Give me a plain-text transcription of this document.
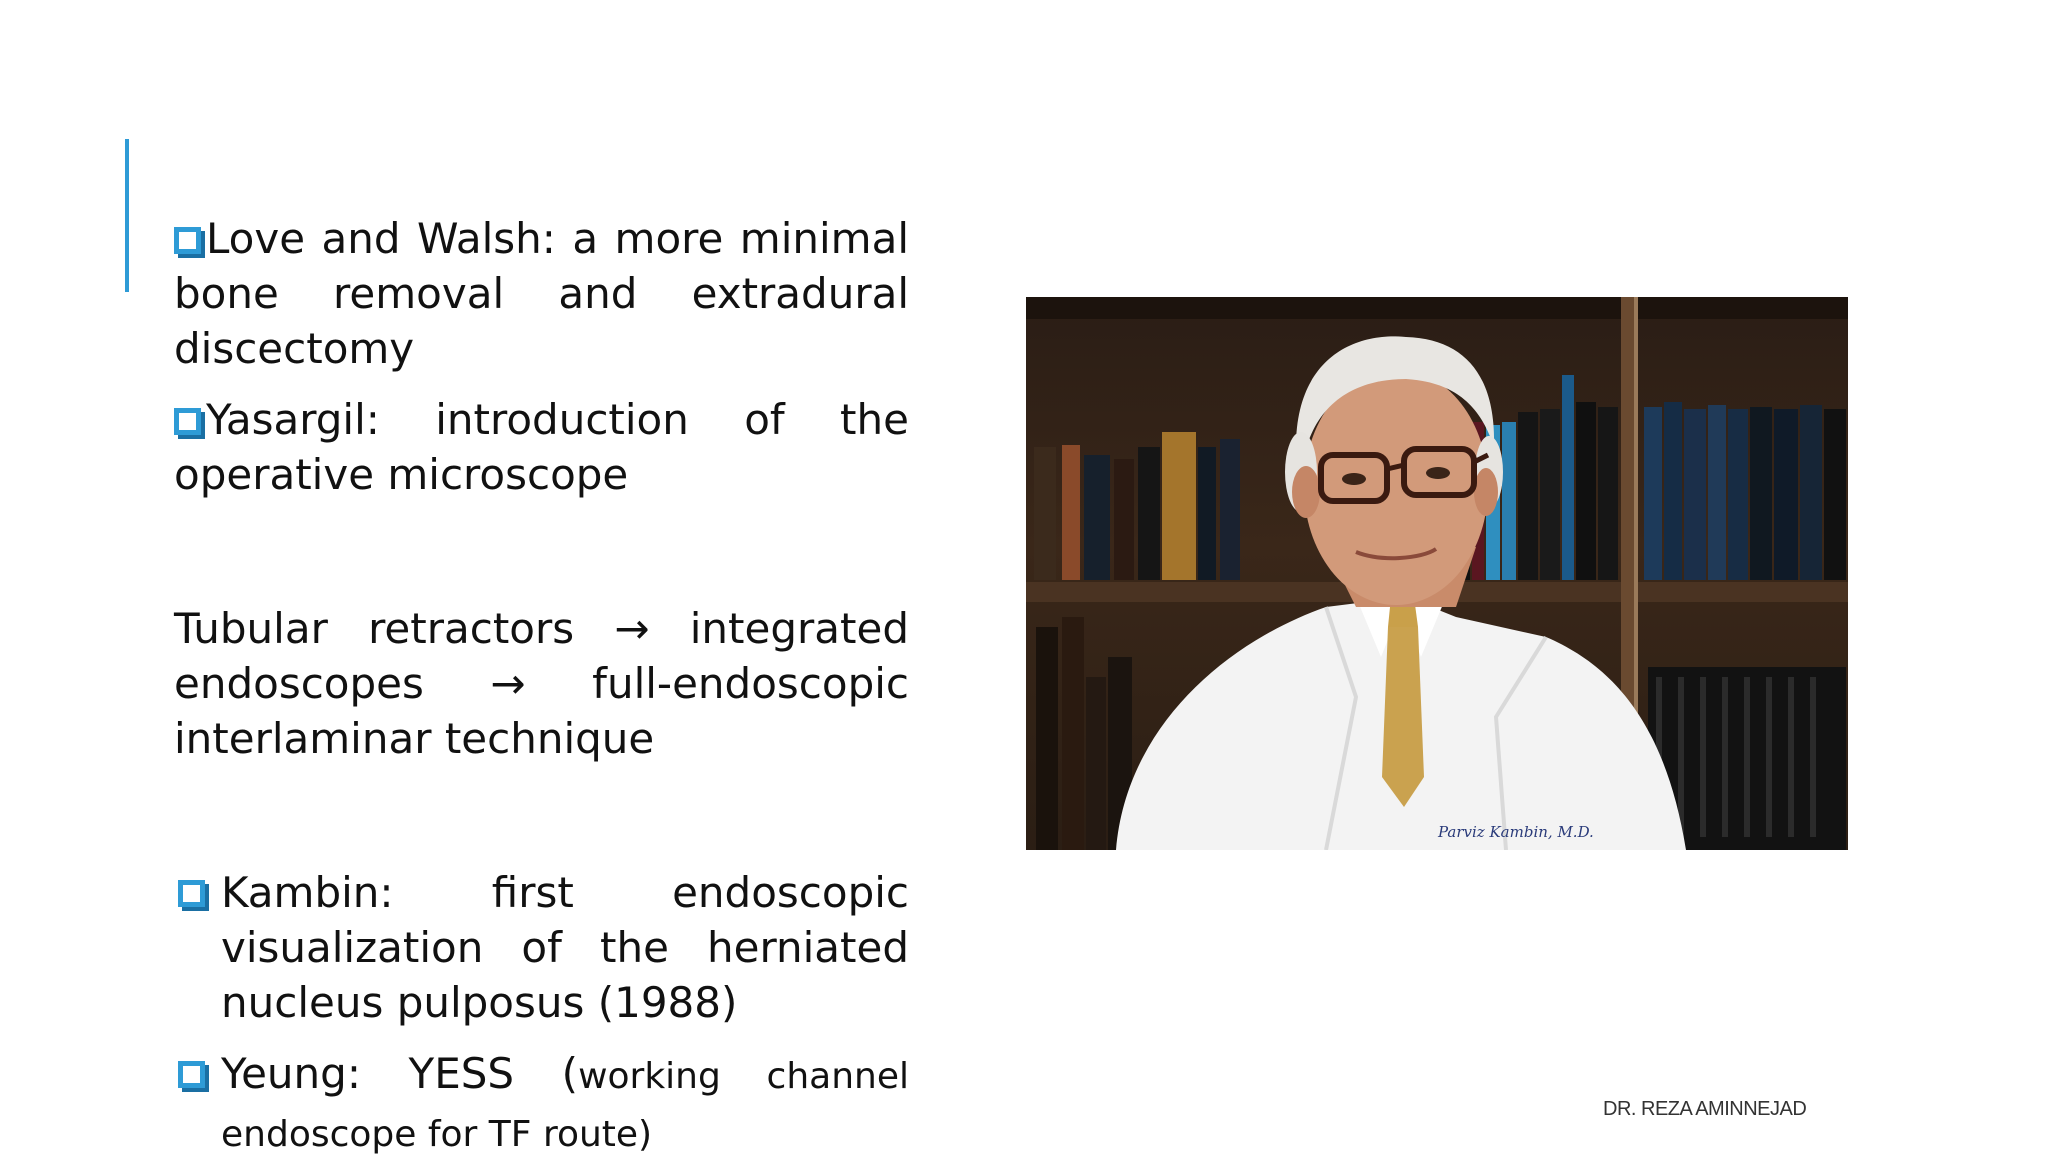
Love and Walsh: a more minimal bone removal and extradural discectomy

Yasargil: introduction of the operative microscope

Tubular retractors → integrated endoscopes → full-endoscopic interlaminar technique

Kambin: first endoscopic visualization of the herniated nucleus pulposus (1988)

Yeung: YESS (working channel endoscope for TF route)

Parviz Kambin, M.D.
DR. REZA AMINNEJAD
